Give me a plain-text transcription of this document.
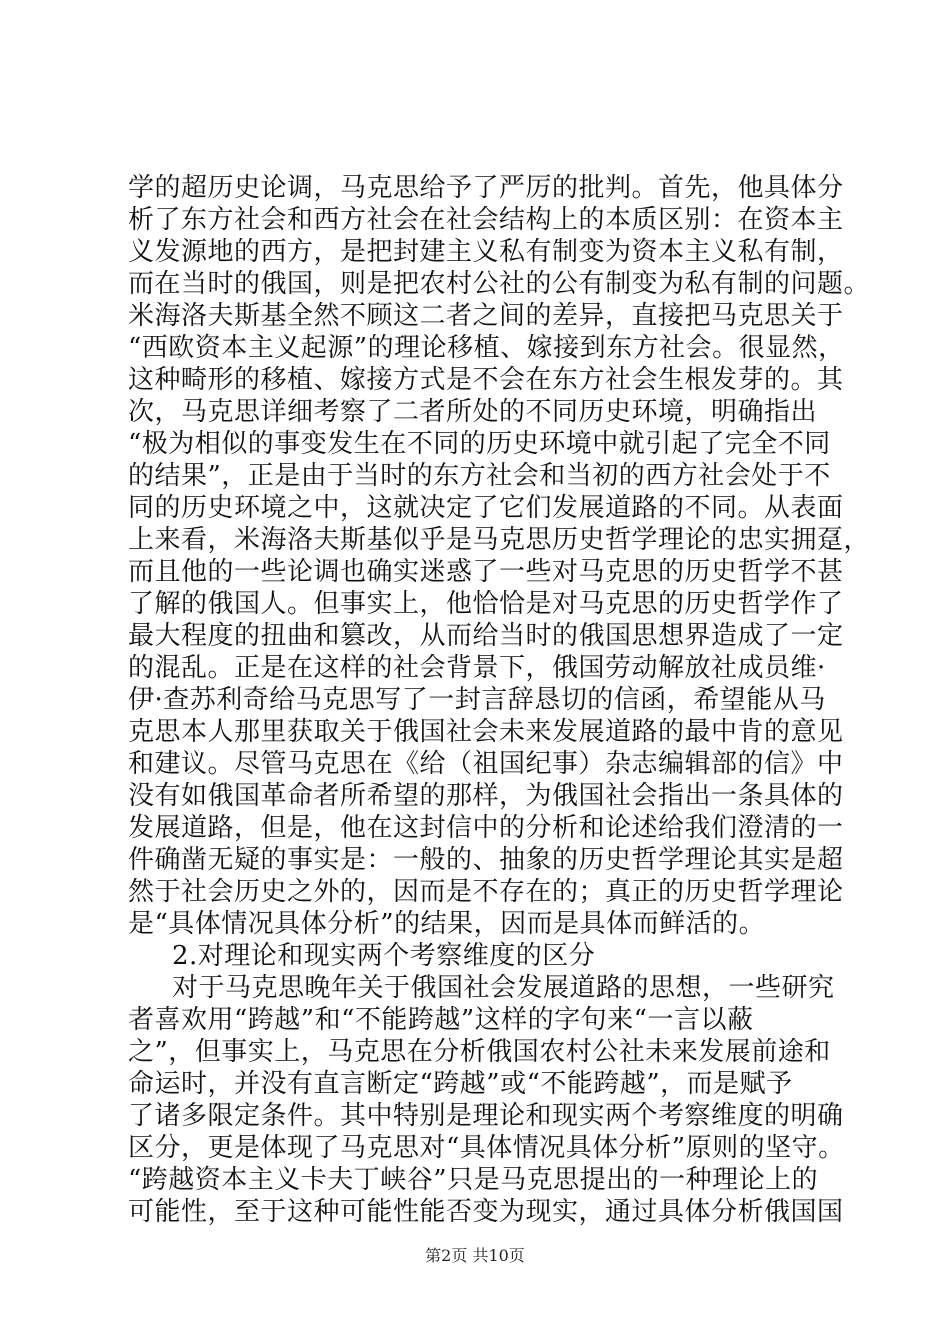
学的超历史论调，马克思给予了严厉的批判。首先，他具体分
析了东方社会和西方社会在社会结构上的本质区别：在资本主
义发源地的西方，是把封建主义私有制变为资本主义私有制，
而在当时的俄国，则是把农村公社的公有制变为私有制的问题。
米海洛夫斯基全然不顾这二者之间的差异，直接把马克思关于
“西欧资本主义起源”的理论移植、嫁接到东方社会。很显然，
这种畸形的移植、嫁接方式是不会在东方社会生根发芽的。其
次，马克思详细考察了二者所处的不同历史环境，明确指出
“极为相似的事变发生在不同的历史环境中就引起了完全不同
的结果”，正是由于当时的东方社会和当初的西方社会处于不
同的历史环境之中，这就决定了它们发展道路的不同。从表面
上来看，米海洛夫斯基似乎是马克思历史哲学理论的忠实拥趸，
而且他的一些论调也确实迷惑了一些对马克思的历史哲学不甚
了解的俄国人。但事实上，他恰恰是对马克思的历史哲学作了
最大程度的扭曲和篡改，从而给当时的俄国思想界造成了一定
的混乱。正是在这样的社会背景下，俄国劳动解放社成员维·
伊·查苏利奇给马克思写了一封言辞恳切的信函，希望能从马
克思本人那里获取关于俄国社会未来发展道路的最中肯的意见
和建议。尽管马克思在《给（祖国纪事）杂志编辑部的信》中
没有如俄国革命者所希望的那样，为俄国社会指出一条具体的
发展道路，但是，他在这封信中的分析和论述给我们澄清的一
件确凿无疑的事实是：一般的、抽象的历史哲学理论其实是超
然于社会历史之外的，因而是不存在的；真正的历史哲学理论
是“具体情况具体分析”的结果，因而是具体而鲜活的。
2.对理论和现实两个考察维度的区分
对于马克思晚年关于俄国社会发展道路的思想，一些研究
者喜欢用“跨越”和“不能跨越”这样的字句来“一言以蔽
之”，但事实上，马克思在分析俄国农村公社未来发展前途和
命运时，并没有直言断定“跨越”或“不能跨越”，而是赋予
了诸多限定条件。其中特别是理论和现实两个考察维度的明确
区分，更是体现了马克思对“具体情况具体分析”原则的坚守。
“跨越资本主义卡夫丁峡谷”只是马克思提出的一种理论上的
可能性，至于这种可能性能否变为现实，通过具体分析俄国国
第2页 共10页
